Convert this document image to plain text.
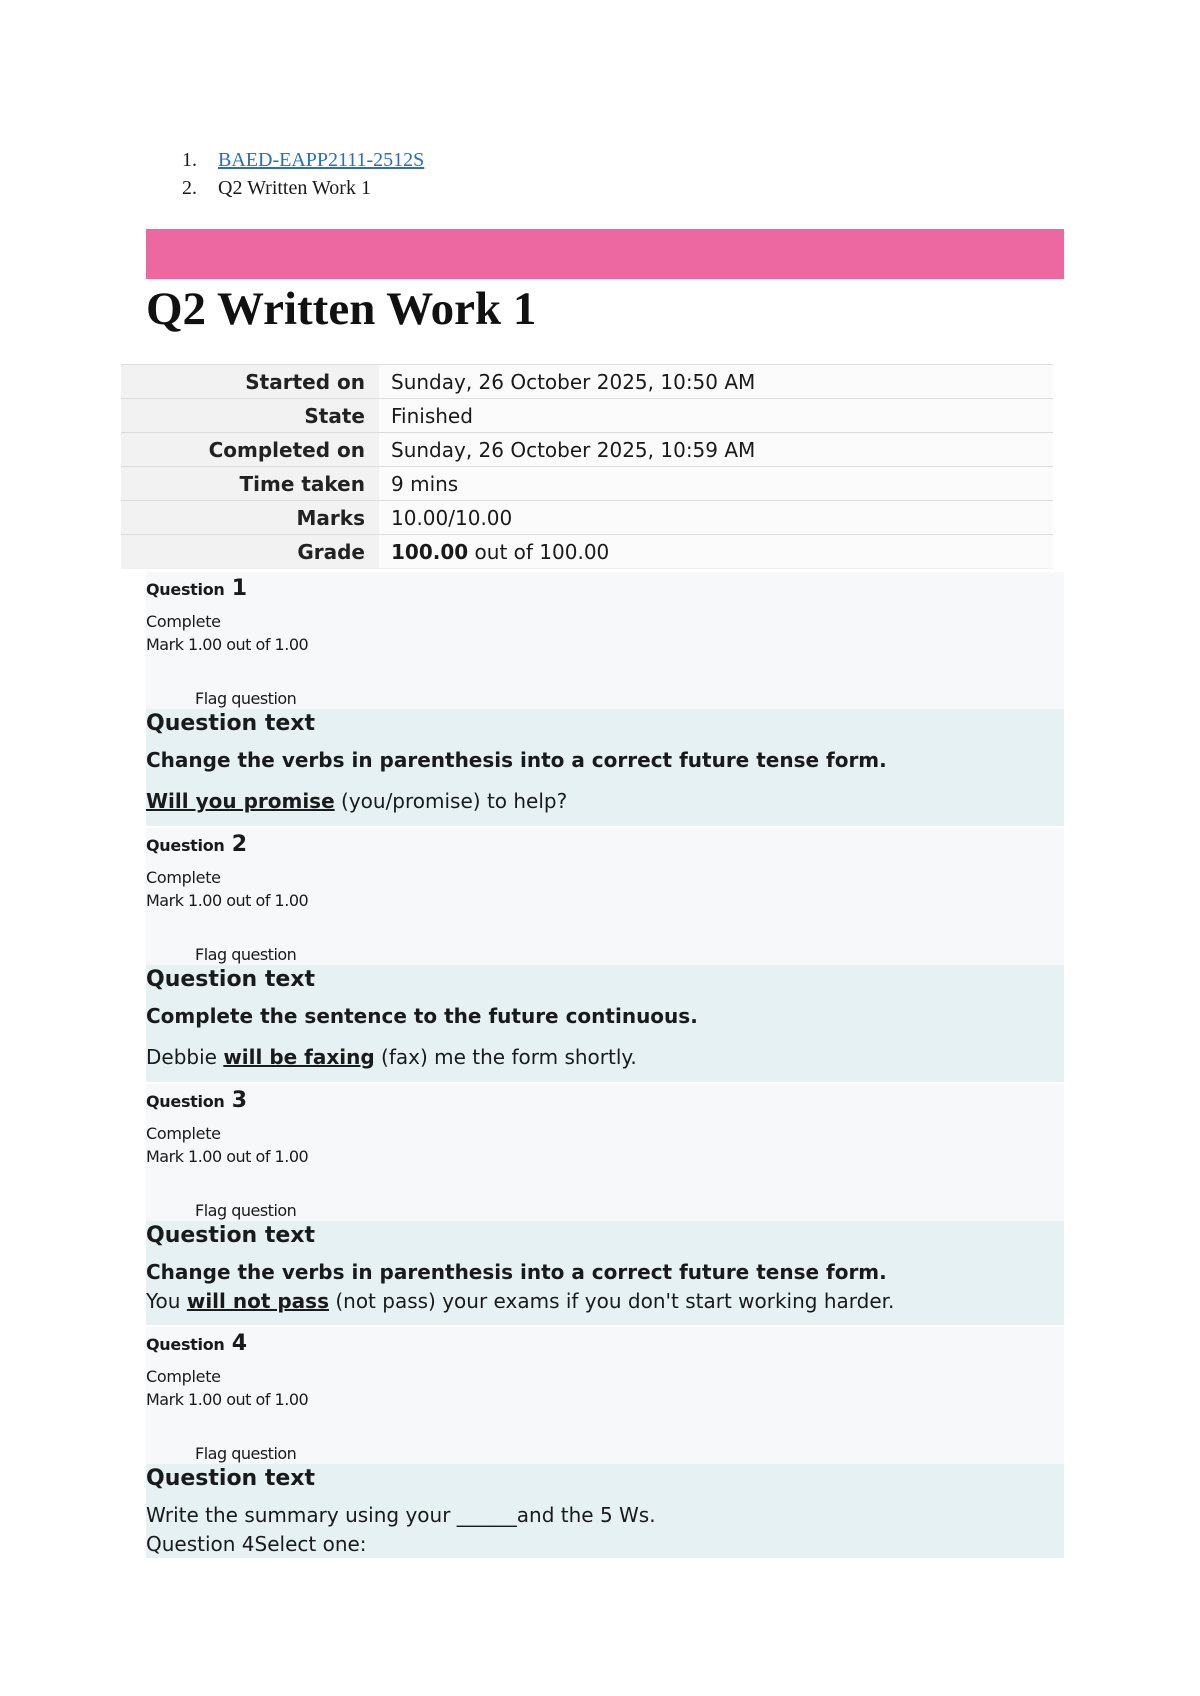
1. BAED-EAPP2111-2512S
2. Q2 Written Work 1
Q2 Written Work 1
Started on	Sunday, 26 October 2025, 10:50 AM
State	Finished
Completed on	Sunday, 26 October 2025, 10:59 AM
Time taken	9 mins
Marks	10.00/10.00
Grade	100.00 out of 100.00
Question 1
Complete
Mark 1.00 out of 1.00
Flag question
Question text
Change the verbs in parenthesis into a correct future tense form.
Will you promise (you/promise) to help?
Question 2
Complete
Mark 1.00 out of 1.00
Flag question
Question text
Complete the sentence to the future continuous.
Debbie will be faxing (fax) me the form shortly.
Question 3
Complete
Mark 1.00 out of 1.00
Flag question
Question text
Change the verbs in parenthesis into a correct future tense form.
You will not pass (not pass) your exams if you don't start working harder.
Question 4
Complete
Mark 1.00 out of 1.00
Flag question
Question text
Write the summary using your ______and the 5 Ws.
Question 4Select one:
